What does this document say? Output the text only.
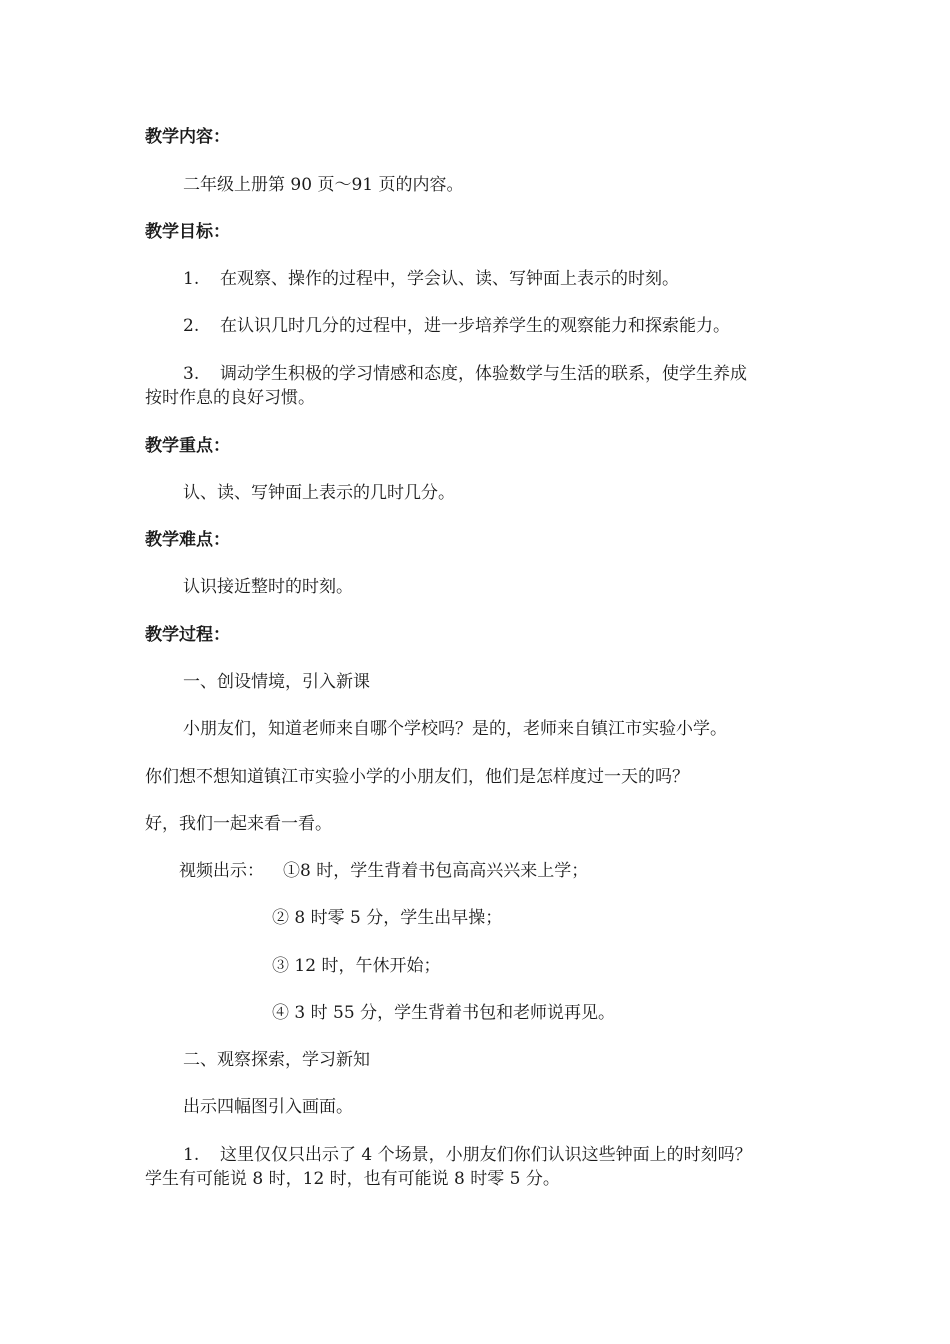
教学内容：

二年级上册第 90 页～91 页的内容。

教学目标：

1. 在观察、操作的过程中，学会认、读、写钟面上表示的时刻。

2. 在认识几时几分的过程中，进一步培养学生的观察能力和探索能力。

3. 调动学生积极的学习情感和态度，体验数学与生活的联系，使学生养成

按时作息的良好习惯。

教学重点：

认、读、写钟面上表示的几时几分。

教学难点：

认识接近整时的时刻。

教学过程：

一、创设情境，引入新课

小朋友们，知道老师来自哪个学校吗？是的，老师来自镇江市实验小学。

你们想不想知道镇江市实验小学的小朋友们，他们是怎样度过一天的吗？

好，我们一起来看一看。

视频出示： ①8 时，学生背着书包高高兴兴来上学；

② 8 时零 5 分，学生出早操；

③ 12 时，午休开始；

④ 3 时 55 分，学生背着书包和老师说再见。

二、观察探索，学习新知

出示四幅图引入画面。

1. 这里仅仅只出示了 4 个场景，小朋友们你们认识这些钟面上的时刻吗？

学生有可能说 8 时，12 时，也有可能说 8 时零 5 分。
